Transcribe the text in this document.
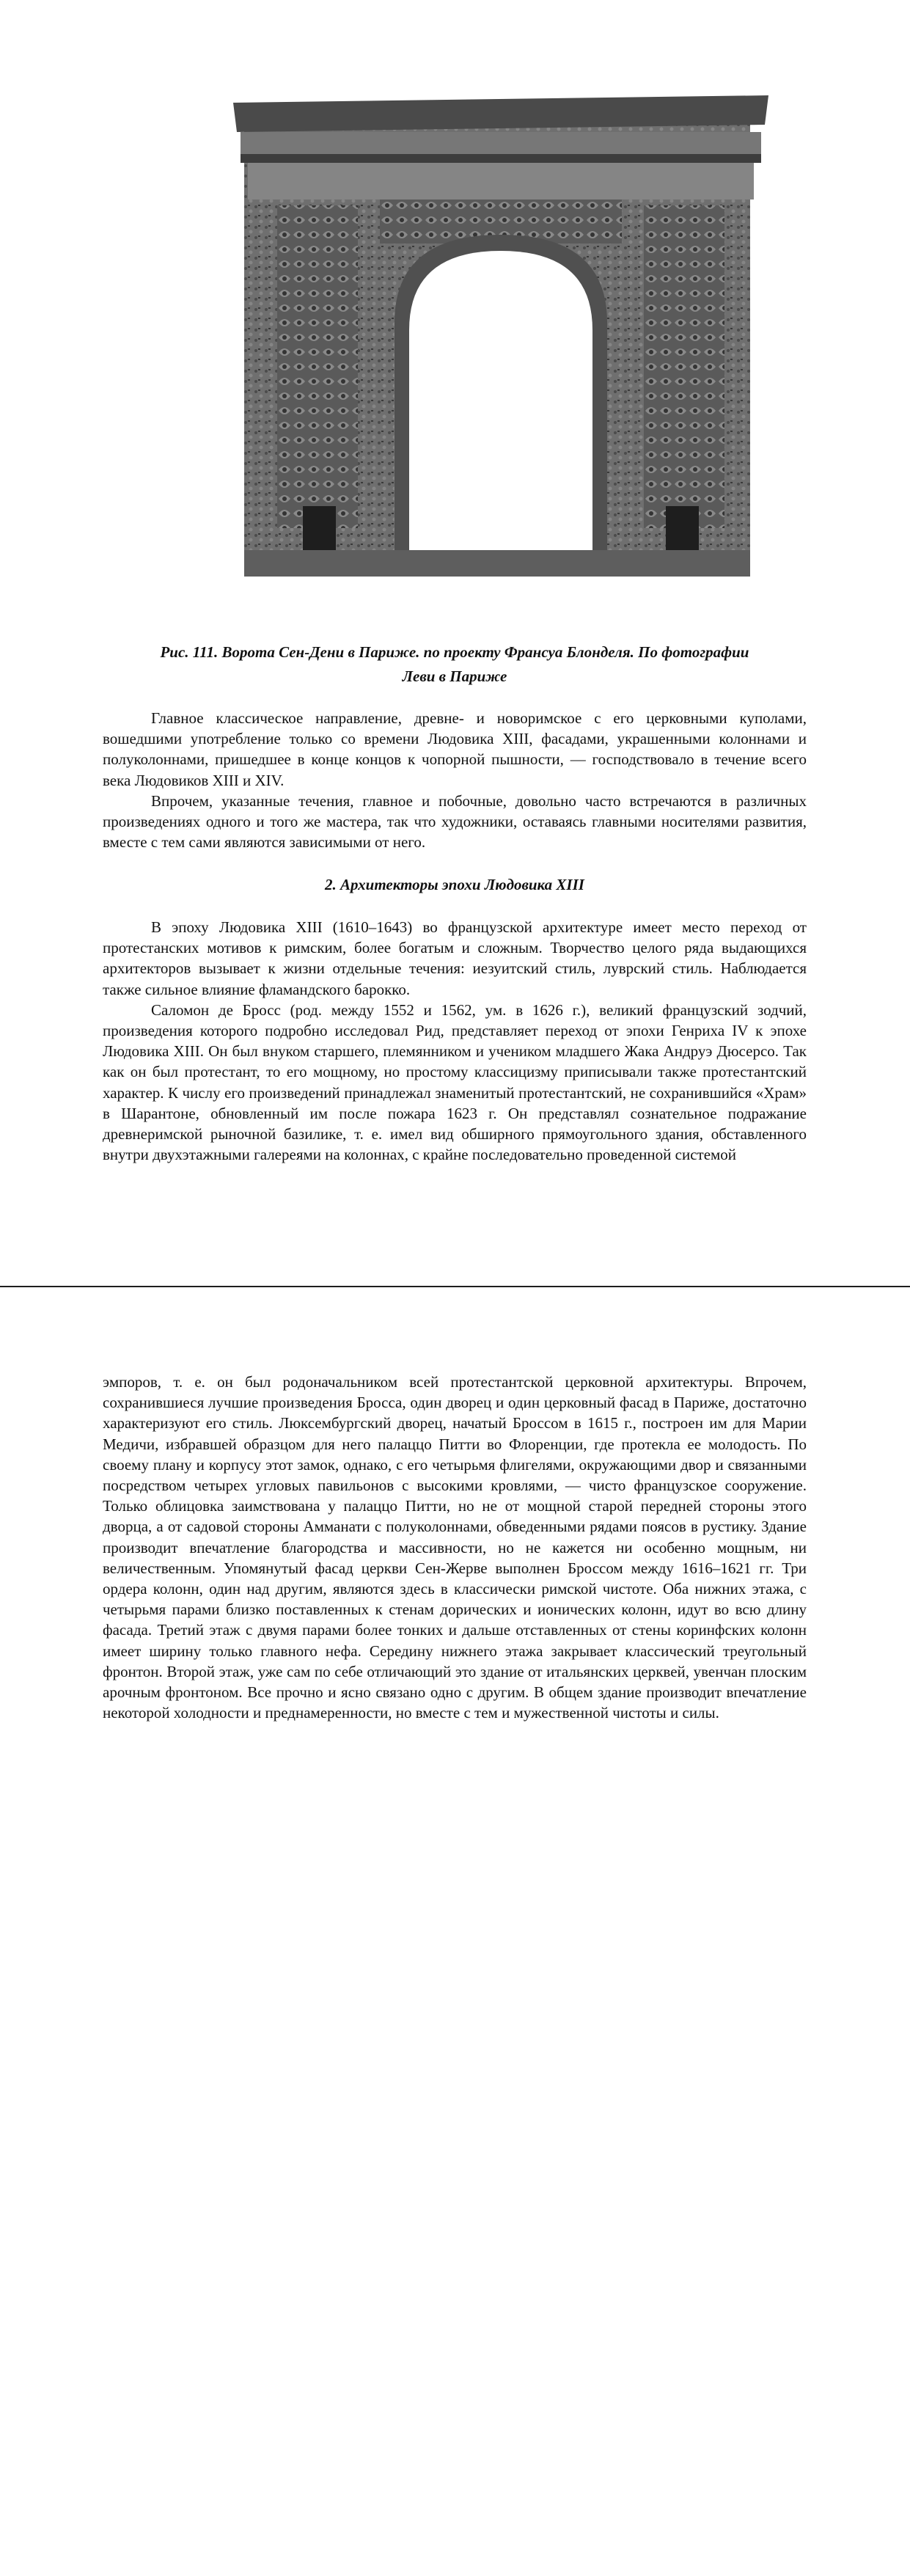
Рис. 111. Ворота Сен-Дени в Париже. по проекту Франсуа Блонделя. По фотографии
Леви в Париже

Главное классическое направление, древне- и новоримское с его церковными куполами, вошедшими употребление только со времени Людовика XIII, фасадами, украшенными колоннами и полуколоннами, пришедшее в конце концов к чопорной пышности, — господствовало в течение всего века Людовиков XIII и XIV.

Впрочем, указанные течения, главное и побочные, довольно часто встречаются в различных произведениях одного и того же мастера, так что художники, оставаясь главными носителями развития, вместе с тем сами являются зависимыми от него.

2. Архитекторы эпохи Людовика XIII

В эпоху Людовика XIII (1610–1643) во французской архитектуре имеет место переход от протестанских мотивов к римским, более богатым и сложным. Творчество целого ряда выдающихся архитекторов вызывает к жизни отдельные течения: иезуитский стиль, луврский стиль. Наблюдается также сильное влияние фламандского барокко.

Саломон де Бросс (род. между 1552 и 1562, ум. в 1626 г.), великий французский зодчий, произведения которого подробно исследовал Рид, представляет переход от эпохи Генриха IV к эпохе Людовика XIII. Он был внуком старшего, племянником и учеником младшего Жака Андруэ Дюсерсо. Так как он был протестант, то его мощному, но простому классицизму приписывали также протестантский характер. К числу его произведений принадлежал знаменитый протестантский, не сохранившийся «Храм» в Шарантоне, обновленный им после пожара 1623 г. Он представлял сознательное подражание древнеримской рыночной базилике, т. е. имел вид обширного прямоугольного здания, обставленного внутри двухэтажными галереями на колоннах, с крайне последовательно проведенной системой

эмпоров, т. е. он был родоначальником всей протестантской церковной архитектуры. Впрочем, сохранившиеся лучшие произведения Бросса, один дворец и один церковный фасад в Париже, достаточно характеризуют его стиль. Люксембургский дворец, начатый Броссом в 1615 г., построен им для Марии Медичи, избравшей образцом для него палаццо Питти во Флоренции, где протекла ее молодость. По своему плану и корпусу этот замок, однако, с его четырьмя флигелями, окружающими двор и связанными посредством четырех угловых павильонов с высокими кровлями, — чисто французское сооружение. Только облицовка заимствована у палаццо Питти, но не от мощной старой передней стороны этого дворца, а от садовой стороны Амманати с полуколоннами, обведенными рядами поясов в рустику. Здание производит впечатление благородства и массивности, но не кажется ни особенно мощным, ни величественным. Упомянутый фасад церкви Сен-Жерве выполнен Броссом между 1616–1621 гг. Три ордера колонн, один над другим, являются здесь в классически римской чистоте. Оба нижних этажа, с четырьмя парами близко поставленных к стенам дорических и ионических колонн, идут во всю длину фасада. Третий этаж с двумя парами более тонких и дальше отставленных от стены коринфских колонн имеет ширину только главного нефа. Середину нижнего этажа закрывает классический треугольный фронтон. Второй этаж, уже сам по себе отличающий это здание от итальянских церквей, увенчан плоским арочным фронтоном. Все прочно и ясно связано одно с другим. В общем здание производит впечатление некоторой холодности и преднамеренности, но вместе с тем и мужественной чистоты и силы.
